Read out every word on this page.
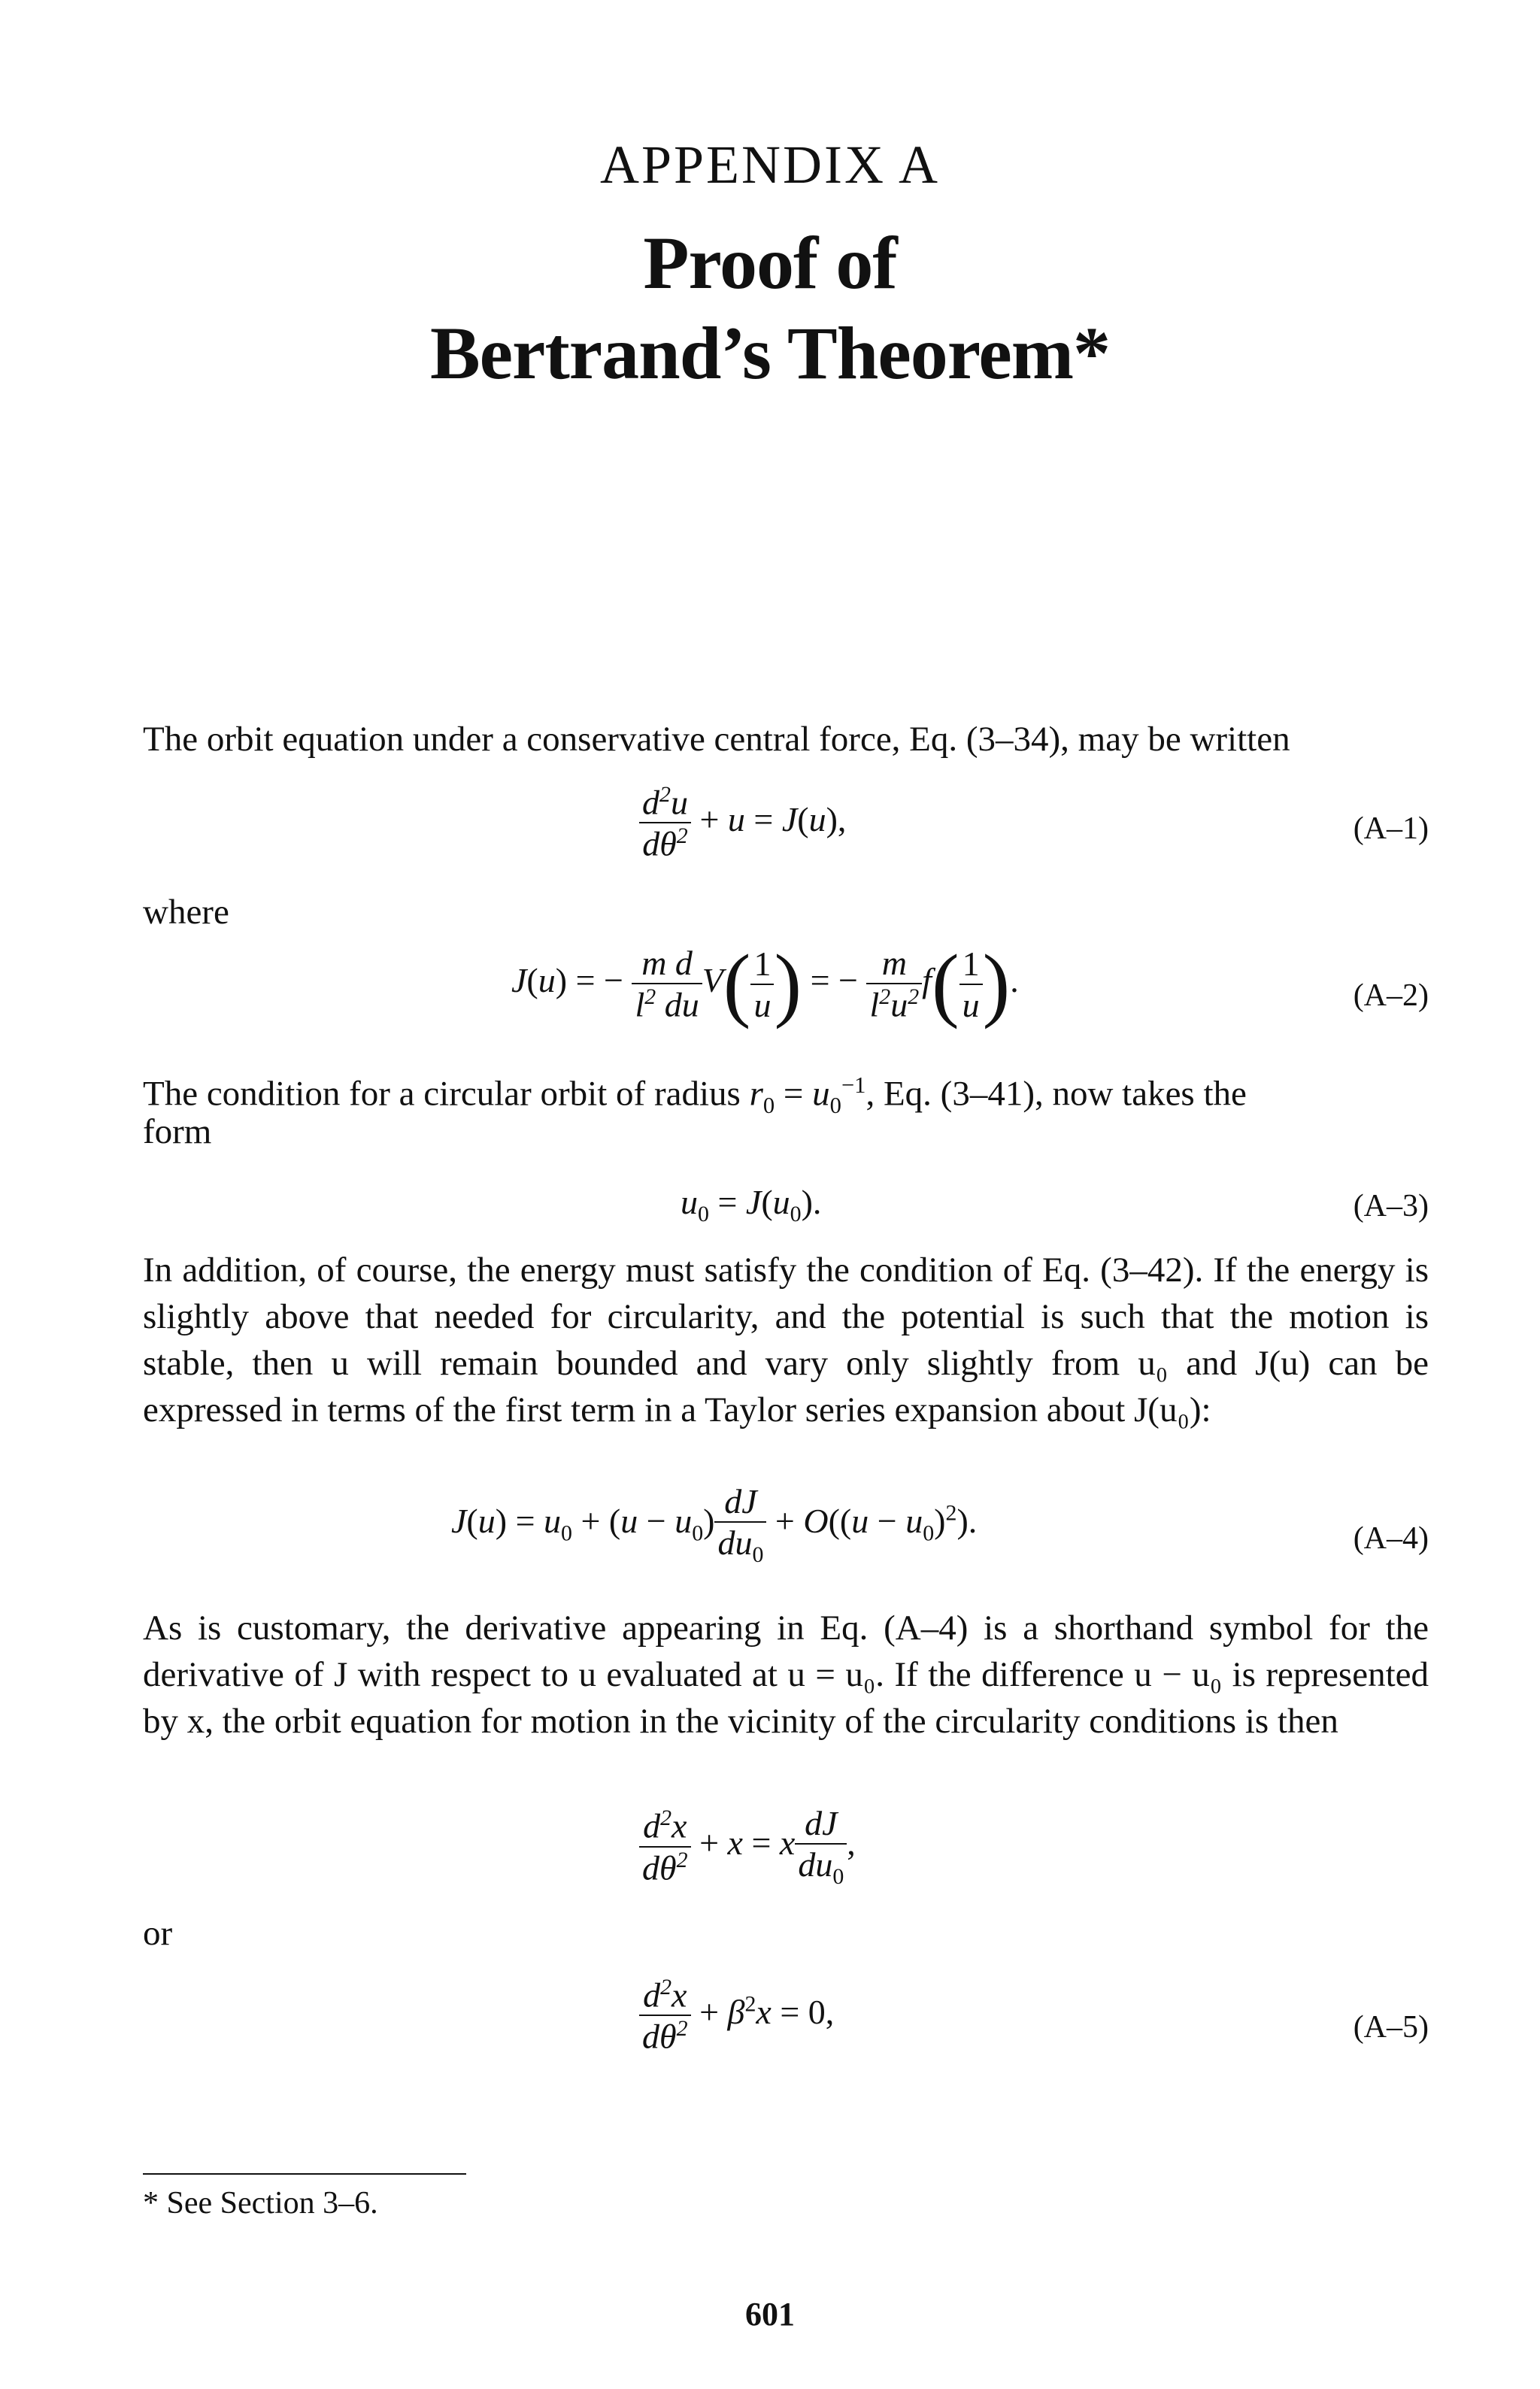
APPENDIX A
Proof of
Bertrand’s Theorem*
The orbit equation under a conservative central force, Eq. (3–34), may be written
$\frac{d^2u}{d\theta^2} + u = J(u)$,	(A–1)
where
J(u) = − $\frac{\text{m d}}{l^2 du} V( \frac{1}{u}$ ) = − $\frac{m}{l^2u^2} f( \frac{1}{u}$ ).	(A–2)
The condition for a circular orbit of radius $r_0 = u_0^{-1}$, Eq. (3–41), now takes the
form
$u_0 = J(u_0)$.	(A–3)
In addition, of course, the energy must satisfy the condition of Eq. (3–42). If the energy is slightly above that needed for circularity, and the potential is such that the motion is stable, then u will remain bounded and vary only slightly from u₀ and J(u) can be expressed in terms of the first term in a Taylor series expansion about J(u₀):
$J(u) = u_0 + (u - u_0) \frac{dJ}{du_0} + O((u - u_0)^2)$.	(A–4)
As is customary, the derivative appearing in Eq. (A–4) is a shorthand symbol for the derivative of J with respect to u evaluated at u = u₀. If the difference u − u₀ is represented by x, the orbit equation for motion in the vicinity of the circularity conditions is then
$\frac{d^2x}{d\theta^2} + x = x \frac{dJ}{du_0}$ ,
or
$\frac{d^2x}{d\theta^2} + \beta^2x = 0$,	(A–5)
* See Section 3–6.
601
